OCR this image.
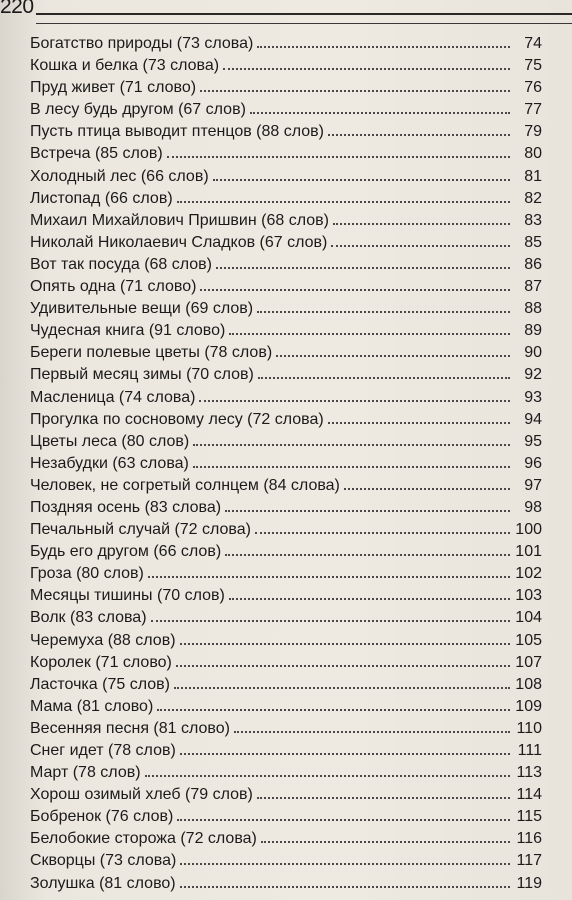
220
Богатство природы (73 слова)	74
Кошка и белка (73 слова)	75
Пруд живет (71 слово)	76
В лесу будь другом (67 слов)	77
Пусть птица выводит птенцов (88 слов)	79
Встреча (85 слов)	80
Холодный лес (66 слов)	81
Листопад (66 слов)	82
Михаил Михайлович Пришвин (68 слов)	83
Николай Николаевич Сладков (67 слов)	85
Вот так посуда (68 слов)	86
Опять одна (71 слово)	87
Удивительные вещи (69 слов)	88
Чудесная книга (91 слово)	89
Береги полевые цветы (78 слов)	90
Первый месяц зимы (70 слов)	92
Масленица (74 слова)	93
Прогулка по сосновому лесу (72 слова)	94
Цветы леса (80 слов)	95
Незабудки (63 слова)	96
Человек, не согретый солнцем (84 слова)	97
Поздняя осень (83 слова)	98
Печальный случай (72 слова)	100
Будь его другом (66 слов)	101
Гроза (80 слов)	102
Месяцы тишины (70 слов)	103
Волк (83 слова)	104
Черемуха (88 слов)	105
Королек (71 слово)	107
Ласточка (75 слов)	108
Мама (81 слово)	109
Весенняя песня (81 слово)	110
Снег идет (78 слов)	111
Март (78 слов)	113
Хорош озимый хлеб (79 слов)	114
Бобренок (76 слов)	115
Белобокие сторожа (72 слова)	116
Скворцы (73 слова)	117
Золушка (81 слово)	119
